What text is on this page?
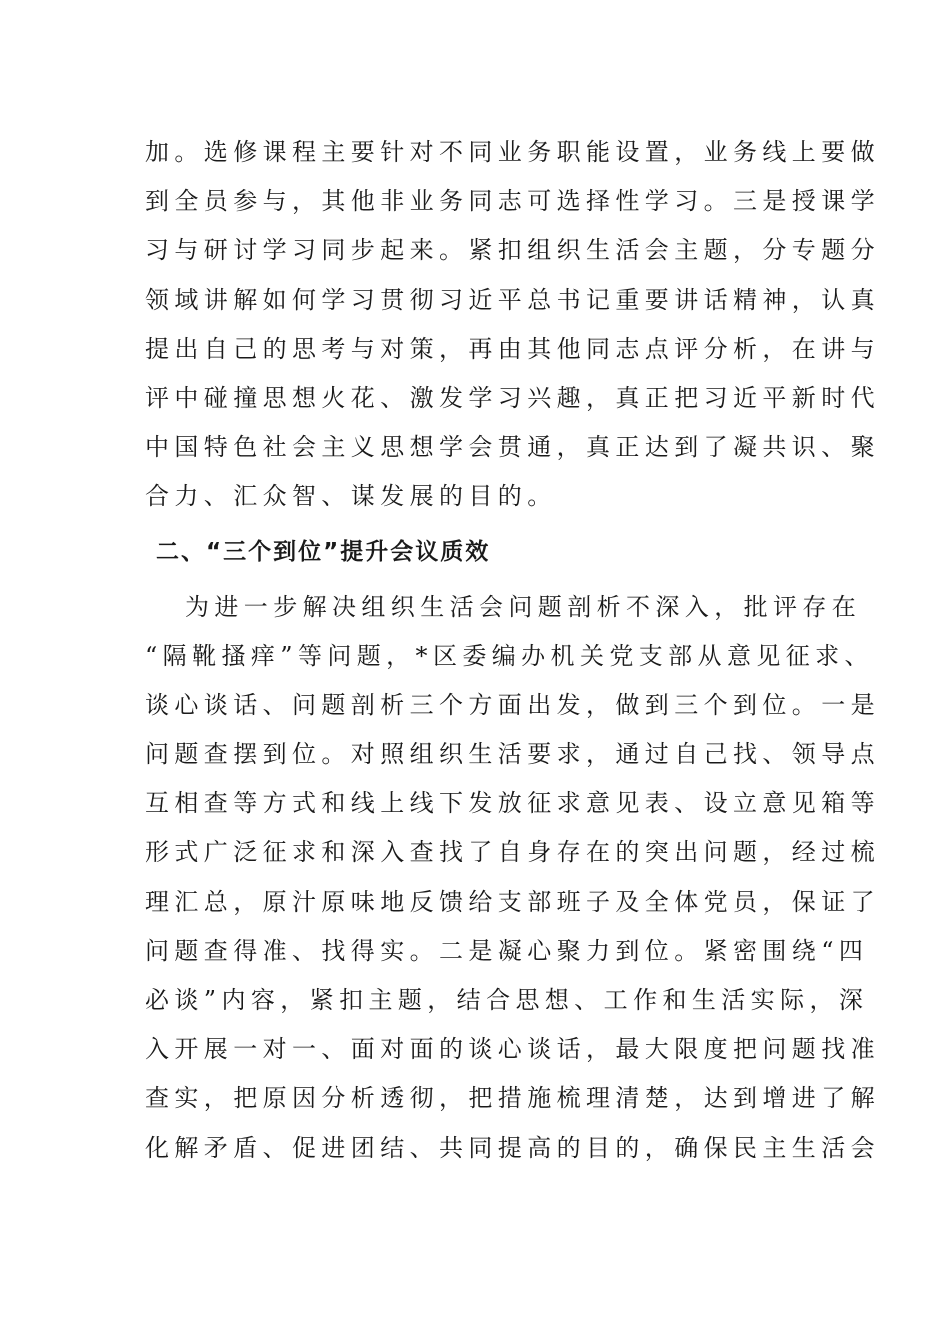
加。选修课程主要针对不同业务职能设置，业务线上要做
到全员参与，其他非业务同志可选择性学习。三是授课学
习与研讨学习同步起来。紧扣组织生活会主题，分专题分
领域讲解如何学习贯彻习近平总书记重要讲话精神，认真
提出自己的思考与对策，再由其他同志点评分析，在讲与
评中碰撞思想火花、激发学习兴趣，真正把习近平新时代
中国特色社会主义思想学会贯通，真正达到了凝共识、聚
合力、汇众智、谋发展的目的。
二、“三个到位”提升会议质效
为进一步解决组织生活会问题剖析不深入，批评存在
“隔靴搔痒”等问题，*区委编办机关党支部从意见征求、
谈心谈话、问题剖析三个方面出发，做到三个到位。一是
问题查摆到位。对照组织生活要求，通过自己找、领导点
互相查等方式和线上线下发放征求意见表、设立意见箱等
形式广泛征求和深入查找了自身存在的突出问题，经过梳
理汇总，原汁原味地反馈给支部班子及全体党员，保证了
问题查得准、找得实。二是凝心聚力到位。紧密围绕“四
必谈”内容，紧扣主题，结合思想、工作和生活实际，深
入开展一对一、面对面的谈心谈话，最大限度把问题找准
查实，把原因分析透彻，把措施梳理清楚，达到增进了解
化解矛盾、促进团结、共同提高的目的，确保民主生活会
